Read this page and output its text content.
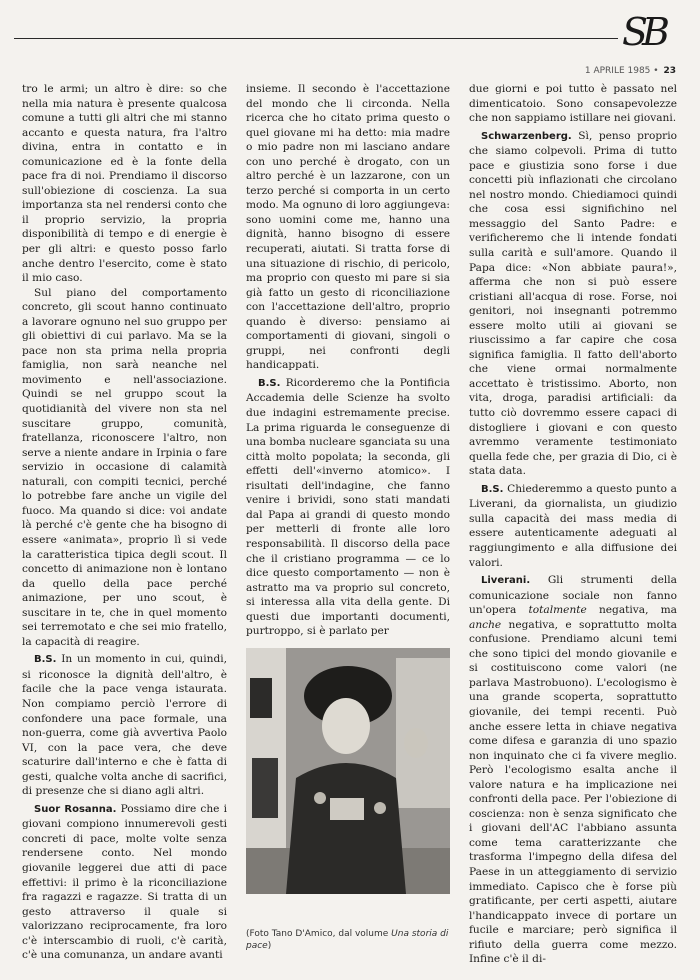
SB
1 APRILE 1985 • 23

tro le armi; un altro è dire: so che nella mia natura è presente qualcosa comune a tutti gli altri che mi stanno accanto e questa natura, fra l'altro divina, entra in contatto e in comunicazione ed è la fonte della pace fra di noi. Prendiamo il discorso sull'obiezione di coscienza. La sua importanza sta nel rendersi conto che il proprio servizio, la propria disponibilità di tempo e di energie è per gli altri: e questo posso farlo anche dentro l'esercito, come è stato il mio caso.

Sul piano del comportamento concreto, gli scout hanno continuato a lavorare ognuno nel suo gruppo per gli obiettivi di cui parlavo. Ma se la pace non sta prima nella propria famiglia, non sarà neanche nel movimento e nell'associazione. Quindi se nel gruppo scout la quotidianità del vivere non sta nel suscitare gruppo, comunità, fratellanza, riconoscere l'altro, non serve a niente andare in Irpinia o fare servizio in occasione di calamità naturali, con compiti tecnici, perché lo potrebbe fare anche un vigile del fuoco. Ma quando si dice: voi andate là perché c'è gente che ha bisogno di essere «animata», proprio lì si vede la caratteristica tipica degli scout. Il concetto di animazione non è lontano da quello della pace perché animazione, per uno scout, è suscitare in te, che in quel momento sei terremotato e che sei mio fratello, la capacità di reagire.

B.S. In un momento in cui, quindi, si riconosce la dignità dell'altro, è facile che la pace venga istaurata. Non compiamo perciò l'errore di confondere una pace formale, una non-guerra, come già avvertiva Paolo VI, con la pace vera, che deve scaturire dall'interno e che è fatta di gesti, qualche volta anche di sacrifici, di presenze che si diano agli altri.

Suor Rosanna. Possiamo dire che i giovani compiono innumerevoli gesti concreti di pace, molte volte senza rendersene conto. Nel mondo giovanile leggerei due atti di pace effettivi: il primo è la riconciliazione fra ragazzi e ragazze. Si tratta di un gesto attraverso il quale si valorizzano reciprocamente, fra loro c'è interscambio di ruoli, c'è carità, c'è una comunanza, un andare avanti

insieme. Il secondo è l'accettazione del mondo che li circonda. Nella ricerca che ho citato prima questo o quel giovane mi ha detto: mia madre o mio padre non mi lasciano andare con uno perché è drogato, con un altro perché è un lazzarone, con un terzo perché si comporta in un certo modo. Ma ognuno di loro aggiungeva: sono uomini come me, hanno una dignità, hanno bisogno di essere recuperati, aiutati. Si tratta forse di una situazione di rischio, di pericolo, ma proprio con questo mi pare si sia già fatto un gesto di riconciliazione con l'accettazione dell'altro, proprio quando è diverso: pensiamo ai comportamenti di giovani, singoli o gruppi, nei confronti degli handicappati.

B.S. Ricorderemo che la Pontificia Accademia delle Scienze ha svolto due indagini estremamente precise. La prima riguarda le conseguenze di una bomba nucleare sganciata su una città molto popolata; la seconda, gli effetti dell'«inverno atomico». I risultati dell'indagine, che fanno venire i brividi, sono stati mandati dal Papa ai grandi di questo mondo per metterli di fronte alle loro responsabilità. Il discorso della pace che il cristiano programma — ce lo dice questo comportamento — non è astratto ma va proprio sul concreto, si interessa alla vita della gente. Di questi due importanti documenti, purtroppo, si è parlato per

(Foto Tano D'Amico, dal volume Una storia di pace)

due giorni e poi tutto è passato nel dimenticatoio. Sono consapevolezze che non sappiamo istillare nei giovani.

Schwarzenberg. Sì, penso proprio che siamo colpevoli. Prima di tutto pace e giustizia sono forse i due concetti più inflazionati che circolano nel nostro mondo. Chiediamoci quindi che cosa essi significhino nel messaggio del Santo Padre: e verificheremo che li intende fondati sulla carità e sull'amore. Quando il Papa dice: «Non abbiate paura!», afferma che non si può essere cristiani all'acqua di rose. Forse, noi genitori, noi insegnanti potremmo essere molto utili ai giovani se riuscissimo a far capire che cosa significa famiglia. Il fatto dell'aborto che viene ormai normalmente accettato è tristissimo. Aborto, non vita, droga, paradisi artificiali: da tutto ciò dovremmo essere capaci di distogliere i giovani e con questo avremmo veramente testimoniato quella fede che, per grazia di Dio, ci è stata data.

B.S. Chiederemmo a questo punto a Liverani, da giornalista, un giudizio sulla capacità dei mass media di essere autenticamente adeguati al raggiungimento e alla diffusione dei valori.

Liverani. Gli strumenti della comunicazione sociale non fanno un'opera totalmente negativa, ma anche negativa, e soprattutto molta confusione. Prendiamo alcuni temi che sono tipici del mondo giovanile e si costituiscono come valori (ne parlava Mastrobuono). L'ecologismo è una grande scoperta, soprattutto giovanile, dei tempi recenti. Può anche essere letta in chiave negativa come difesa e garanzia di uno spazio non inquinato che ci fa vivere meglio. Però l'ecologismo esalta anche il valore natura e ha implicazione nei confronti della pace. Per l'obiezione di coscienza: non è senza significato che i giovani dell'AC l'abbiano assunta come tema caratterizzante che trasforma l'impegno della difesa del Paese in un atteggiamento di servizio immediato. Capisco che è forse più gratificante, per certi aspetti, aiutare l'handicappato invece di portare un fucile e marciare; però significa il rifiuto della guerra come mezzo. Infine c'è il di-
